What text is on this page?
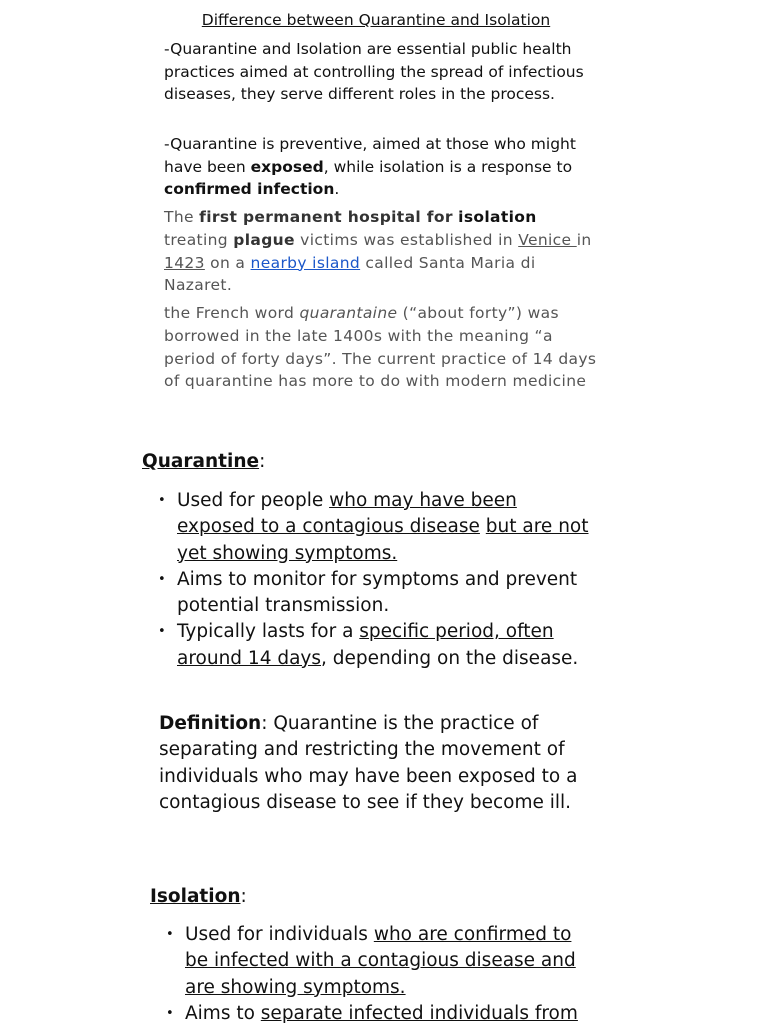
Difference between Quarantine and Isolation
-Quarantine and Isolation are essential public health practices aimed at controlling the spread of infectious diseases, they serve different roles in the process.
-Quarantine is preventive, aimed at those who might have been exposed, while isolation is a response to confirmed infection.
The first permanent hospital for isolation treating plague victims was established in Venice in 1423 on a nearby island called Santa Maria di Nazaret.
the French word quarantaine (“about forty”) was borrowed in the late 1400s with the meaning “a period of forty days”. The current practice of 14 days of quarantine has more to do with modern medicine
Quarantine:
• Used for people who may have been exposed to a contagious disease but are not yet showing symptoms.
• Aims to monitor for symptoms and prevent potential transmission.
• Typically lasts for a specific period, often around 14 days, depending on the disease.
Definition: Quarantine is the practice of separating and restricting the movement of individuals who may have been exposed to a contagious disease to see if they become ill.
Isolation:
• Used for individuals who are confirmed to be infected with a contagious disease and are showing symptoms.
• Aims to separate infected individuals from
